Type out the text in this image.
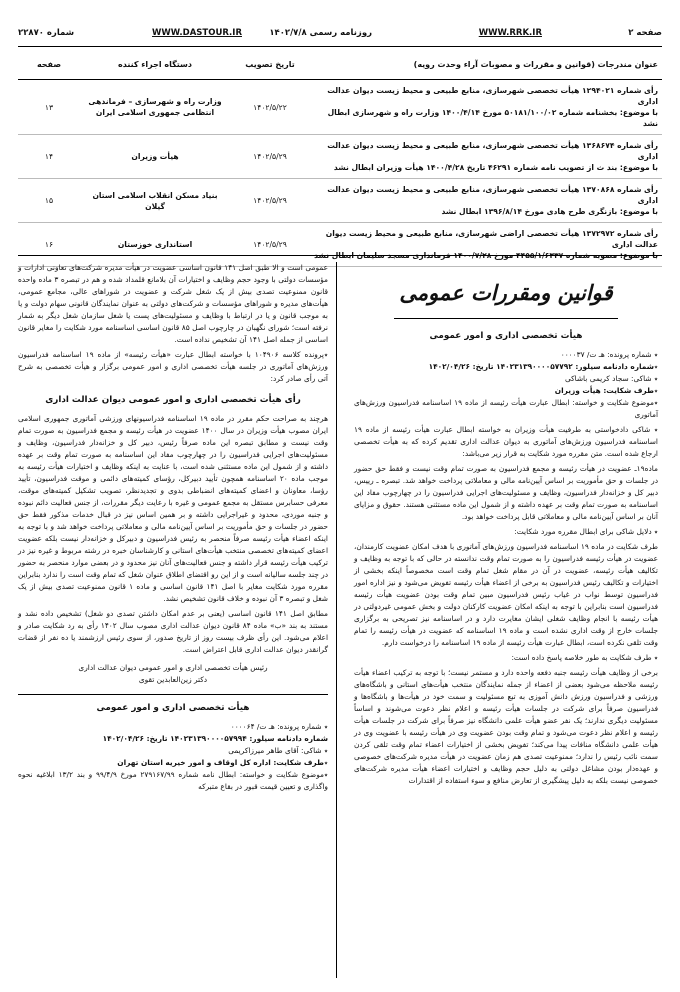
صفحه ۲
WWW.RRK.IR
روزنامه رسمی ۱۴۰۲/۷/۸
WWW.DASTOUR.IR
شماره ۲۲۸۷۰
عنوان مندرجات (قوانین و مقررات و مصوبات آراء وحدت رویه)	تاریخ تصویب	دستگاه اجراء کننده	صفحه

رأی شماره ۱۲۹۴۰۲۱ هیأت تخصصی شهرسازی، منابع طبیعی و محیط زیست دیوان عدالت اداری
با موضوع: بخشنامه شماره ۵۰۱۸۱/۱۰۰/۰۲ مورخ ۱۴۰۰/۴/۱۴ وزارت راه و شهرسازی ابطال نشد	۱۴۰۲/۵/۲۲	وزارت راه و شهرسازی – فرماندهی انتظامی جمهوری اسلامی ایران	۱۳

رأی شماره ۱۳۶۸۶۷۴ هیأت تخصصی شهرسازی، منابع طبیعی و محیط زیست دیوان عدالت اداری
با موضوع: بند ث از تصویب نامه شماره ۴۶۲۹۱ تاریخ ۱۴۰۰/۴/۲۸ هیأت وزیران ابطال نشد	۱۴۰۲/۵/۲۹	هیأت وزیران	۱۴

رأی شماره ۱۳۷۰۸۶۸ هیأت تخصصی شهرسازی، منابع طبیعی و محیط زیست دیوان عدالت اداری
با موضوع: بازنگری طرح هادی مورخ ۱۳۹۶/۸/۱۴ ابطال نشد	۱۴۰۲/۵/۲۹	بنیاد مسکن انقلاب اسلامی استان گیلان	۱۵

رأی شماره ۱۳۷۲۹۷۲ هیأت تخصصی اراضی شهرسازی، منابع طبیعی و محیط زیست دیوان عدالت اداری
با موضوع: مصوبه شماره ۴۴۵۵/۱/۶۳۳۷ مورخ ۱۴۰۰/۷/۲۸ فرمانداری مسجد سلیمان ابطال نشد	۱۴۰۲/۵/۲۹	استانداری خوزستان	۱۶
قوانین ومقررات عمومی
هیأت تخصصی اداری و امور عمومی

٭ شماره پرونده: هـ ت/ ۰۰۰۰۳۷

٭شماره دادنامه سیلور: ۱۴۰۲۳۱۳۹۰۰۰۰۵۷۷۹۲ تاریخ: ۱۴۰۲/۰۴/۲۶

٭ شاکی: سجاد کریمی باشاکی

٭طرف شکایت: هیأت وزیران

٭موضوع شکایت و خواسته: ابطال عبارت هیأت رئیسه از ماده ۱۹ اساسنامه فدراسیون ورزش‌های آماتوری

٭ شاکی دادخواستی به طرفیت هیأت وزیران به خواسته ابطال عبارت هیأت رئیسه از ماده ۱۹ اساسنامه فدراسیون ورزش‌های آماتوری به دیوان عدالت اداری تقدیم کرده که به هیأت تخصصی ارجاع شده است. متن مقرره مورد شکایت به قرار زیر می‌باشد:

ماده۱۹ـ عضویت در هیأت رئیسه و مجمع فدراسیون به صورت تمام وقت نیست و فقط حق حضور در جلسات و حق مأموریت بر اساس آیین‌نامه مالی و معاملاتی پرداخت خواهد شد. تبصره ـ رییس، دبیر کل و خزانه‌دار فدراسیون، وظایف و مسئولیت‌های اجرایی فدراسیون را در چهارچوب مفاد این اساسنامه به صورت تمام وقت بر عهده داشته و از شمول این ماده مستثنی هستند. حقوق و مزایای آنان بر اساس آیین‌نامه مالی و معاملاتی قابل پرداخت خواهد بود.

٭ دلایل شاکی برای ابطال مقرره مورد شکایت:

طرف شکایت در ماده ۱۹ اساسنامه فدراسیون ورزش‌های آماتوری با هدف امکان عضویت کارمندان، عضویت در هیأت رئیسه فدراسیون را به صورت تمام وقت ندانسته در حالی که با توجه به وظایف و تکالیف هیأت رئیسه، عضویت در آن در مقام شغل تمام وقت است مخصوصاً اینکه بخشی از اختیارات و تکالیف رئیس فدراسیون به برخی از اعضاء هیأت رئیسه تفویض می‌شود و نیز اداره امور فدراسیون توسط نواب در غیاب رئیس فدراسیون مبین تمام وقت بودن عضویت هیأت رئیسه فدراسیون است بنابراین با توجه به اینکه امکان عضویت کارکنان دولت و بخش عمومی غیردولتی در هیأت رئیسه با انجام وظایف شغلی ایشان مغایرت دارد و در اساسنامه نیز تصریحی به برگزاری جلسات خارج از وقت اداری نشده است و ماده ۱۹ اساسنامه که عضویت در هیأت رئیسه را تمام وقت تلقی نکرده است، ابطال عبارت هیأت رئیسه از ماده ۱۹ اساسنامه را درخواست دارم.

٭ طرف شکایت به طور خلاصه پاسخ داده است:

برخی از وظایف هیأت رئیسه جنبه دفعه واحده دارد و مستمر نیست؛ با توجه به ترکیب اعضاء هیأت رئیسه ملاحظه می‌شود بعضی از اعضاء از جمله نمایندگان منتخب هیأت‌های استانی و باشگاه‌های ورزشی و فدراسیون ورزش دانش آموزی به تبع مسئولیت و سمت خود در هیأت‌ها و باشگاه‌ها و فدراسیون صرفاً برای شرکت در جلسات هیأت رئیسه و اعلام نظر دعوت می‌شوند و اساساً مسئولیت دیگری ندارند؛ یک نفر عضو هیأت علمی دانشگاه نیز صرفاً برای شرکت در جلسات هیأت رئیسه و اعلام نظر دعوت می‌شود و تمام وقت بودن عضویت وی در هیأت رئیسه با عضویت وی در هیأت علمی دانشگاه منافات پیدا می‌کند؛ تفویض بخشی از اختیارات اعضاء تمام وقت تلقی کردن سمت نائب رئیس را ندارد؛ ممنوعیت تصدی هم زمان عضویت در هیأت مدیره شرکت‌های خصوصی و عهده‌دار بودن مشاغل دولتی به دلیل حجم وظایف و اختیارات اعضاء هیأت مدیره شرکت‌های خصوصی نیست بلکه به دلیل پیشگیری از تعارض منافع و سوء استفاده از اقتدارات

عمومی است و الا طبق اصل ۱۴۱ قانون اساسی عضویت در هیأت مدیره شرکت‌های تعاونی ادارات و مؤسسات دولتی با وجود حجم وظایف و اختیارات آن بلامانع قلمداد شده و هم در تبصره ۳ ماده واحده قانون ممنوعیت تصدی بیش از یک شغل شرکت و عضویت در شوراهای عالی، مجامع عمومی، هیأت‌های مدیره و شوراهای مؤسسات و شرکت‌های دولتی به عنوان نمایندگان قانونی سهام دولت و یا به موجب قانون و یا در ارتباط با وظایف و مسئولیت‌های پست یا شغل سازمان شغل دیگر به شمار نرفته است؛ شورای نگهبان در چارچوب اصل ۸۵ قانون اساسی اساسنامه مورد شکایت را مغایر قانون اساسی از جمله اصل ۱۴۱ آن تشخیص نداده است.

٭پرونده کلاسه ۱۰۴۹۰۶ با خواسته ابطال عبارت «هیأت رئیسه» از ماده ۱۹ اساسنامه فدراسیون ورزش‌های آماتوری در جلسه هیأت تخصصی اداری و امور عمومی برگزار و هیأت تخصصی به شرح آتی رأی صادر کرد:

رأی هیأت تخصصی اداری و امور عمومی دیوان عدالت اداری

هرچند به صراحت حکم مقرر در ماده ۱۹ اساسنامه فدراسیونهای ورزشی آماتوری جمهوری اسلامی ایران مصوب هیأت وزیران در سال ۱۴۰۰ عضویت در هیأت رئیسه و مجمع فدراسیون به صورت تمام وقت نیست و مطابق تبصره این ماده صرفاً رئیس، دبیر کل و خزانه‌دار فدراسیون، وظایف و مسئولیت‌های اجرایی فدراسیون را در چهارچوب مفاد این اساسنامه به صورت تمام وقت بر عهده داشته و از شمول این ماده مستثنی شده است، با عنایت به اینکه وظایف و اختیارات هیأت رئیسه به موجب ماده ۲۰ اساسنامه همچون تأیید دبیرکل، رؤسای کمیته‌های دائمی و موقت فدراسیون، تأیید رؤسا، معاونان و اعضای کمیته‌های انضباطی بدوی و تجدیدنظر، تصویب تشکیل کمیته‌های موقت، معرفی حسابرس مستقل به مجمع عمومی و غیره با رعایت دیگر مقررات، از جنس فعالیت دائم نبوده و جنبه موردی، محدود و غیراجرایی داشته و بر همین اساس نیز در قبال خدمات مذکور فقط حق حضور در جلسات و حق مأموریت بر اساس آیین‌نامه مالی و معاملاتی پرداخت خواهد شد و با توجه به اینکه اعضاء هیأت رئیسه صرفاً منحصر به رئیس فدراسیون و دبیرکل و خزانه‌دار نیست بلکه عضویت اعضای کمیته‌های تخصصی منتخب هیأت‌های استانی و کارشناسان خبره در رشته مربوط و غیره نیز در ترکیب هیأت رئیسه قرار داشته و جنس فعالیت‌های آنان نیز محدود و در بعضی موارد منحصر به حضور در چند جلسه سالیانه است و از این رو اقتضای اطلاق عنوان شغل که تمام وقت است را ندارد بنابراین مقرره مورد شکایت مغایر با اصل ۱۴۱ قانون اساسی و ماده ۱ قانون ممنوعیت تصدی بیش از یک شغل و تبصره ۳ آن نبوده و خلاف قانون تشخیص نشد.

مطابق اصل ۱۴۱ قانون اساسی (یعنی بر عدم امکان داشتن تصدی دو شغل) تشخیص داده نشد و مستند به بند «ب» ماده ۸۴ قانون دیوان عدالت اداری مصوب سال ۱۴۰۲ رأی به رد شکایت صادر و اعلام می‌شود. این رأی ظرف بیست روز از تاریخ صدور، از سوی رئیس ارزشمند یا ده نفر از قضات گرانقدر دیوان عدالت اداری قابل اعتراض است.

رئیس هیأت تخصصی اداری و امور عمومی دیوان عدالت اداری
دکتر زین‌العابدین تقوی
هیأت تخصصی اداری و امور عمومی

٭ شماره پرونده: هـ ت/ ۰۰۰۰۶۴

شماره دادنامه سیلور: ۱۴۰۲۳۱۳۹۰۰۰۰۵۷۹۹۴ تاریخ: ۱۴۰۲/۰۴/۲۶

٭ شاکی: آقای طاهر میرزاکریمی

٭طرف شکایت: اداره کل اوقاف و امور خیریه استان تهران

٭موضوع شکایت و خواسته: ابطال نامه شماره ۲۷۹۱۶۷/۹۹ مورخ ۹۹/۴/۹ و بند ۱۳/۲ ابلاغیه نحوه واگذاری و تعیین قیمت قبور در بقاع متبرکه
